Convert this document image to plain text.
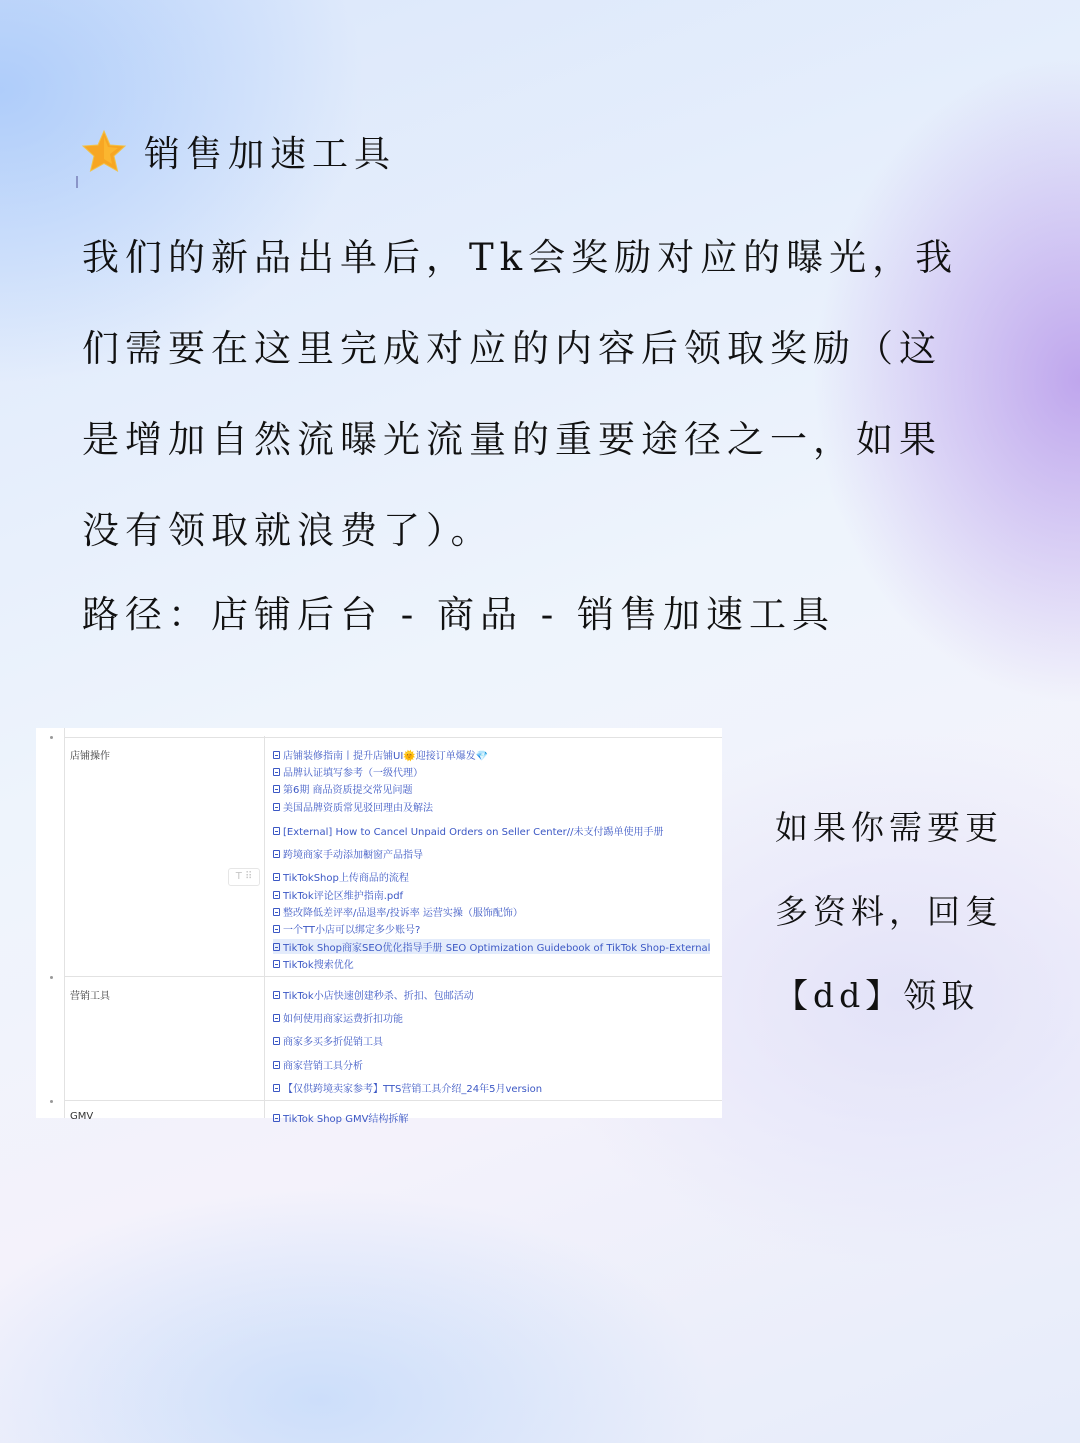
销售加速工具

我们的新品出单后，Tk会奖励对应的曝光，我们需要在这里完成对应的内容后领取奖励（这是增加自然流曝光流量的重要途径之一，如果没有领取就浪费了）。

路径：店铺后台 - 商品 - 销售加速工具
店铺操作
营销工具
GMV
T ⠿
店铺装修指南丨提升店铺UI🌞迎接订单爆发💎
品牌认证填写参考（一级代理）
第6期 商品资质提交常见问题
美国品牌资质常见驳回理由及解法
[External] How to Cancel Unpaid Orders on Seller Center//未支付踢单使用手册
跨境商家手动添加橱窗产品指导
TikTokShop上传商品的流程
TikTok评论区维护指南.pdf
整改降低差评率/品退率/投诉率 运营实操（服饰配饰）
一个TT小店可以绑定多少账号?
TikTok Shop商家SEO优化指导手册 SEO Optimization Guidebook of TikTok Shop-External
TikTok搜索优化
TikTok小店快速创建秒杀、折扣、包邮活动
如何使用商家运费折扣功能
商家多买多折促销工具
商家营销工具分析
【仅供跨境卖家参考】TTS营销工具介绍_24年5月version
TikTok Shop GMV结构拆解

如果你需要更多资料，回复【dd】领取
